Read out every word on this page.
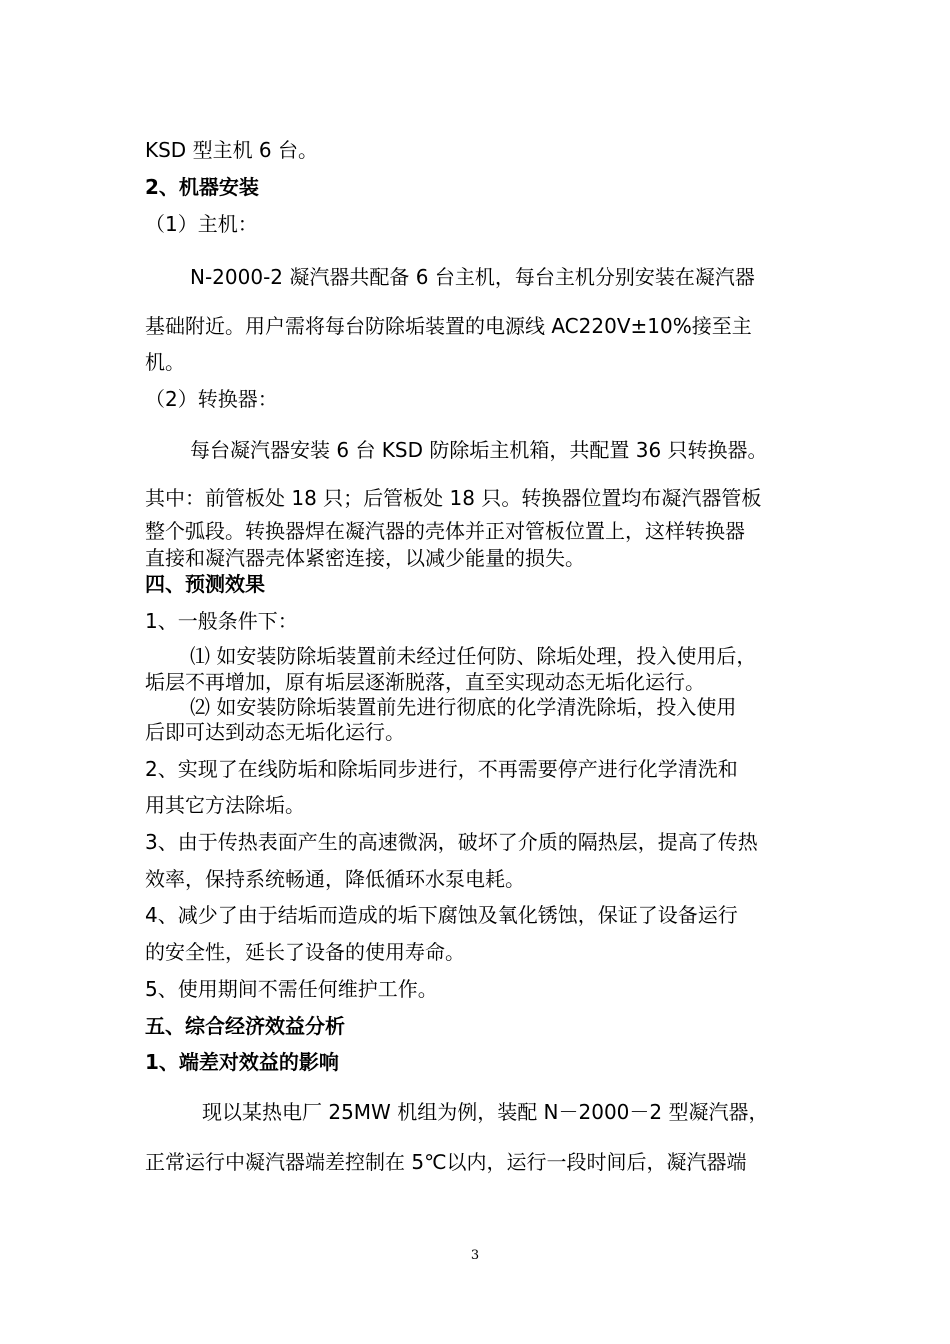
KSD 型主机 6 台。
2、机器安装
（1）主机：
N-2000-2 凝汽器共配备 6 台主机，每台主机分别安装在凝汽器
基础附近。用户需将每台防除垢装置的电源线 AC220V±10%接至主
机。
（2）转换器：
每台凝汽器安装 6 台 KSD 防除垢主机箱，共配置 36 只转换器。
其中：前管板处 18 只；后管板处 18 只。转换器位置均布凝汽器管板
整个弧段。转换器焊在凝汽器的壳体并正对管板位置上，这样转换器
直接和凝汽器壳体紧密连接，以减少能量的损失。
四、预测效果
1、一般条件下：
⑴ 如安装防除垢装置前未经过任何防、除垢处理，投入使用后，
垢层不再增加，原有垢层逐渐脱落，直至实现动态无垢化运行。
⑵ 如安装防除垢装置前先进行彻底的化学清洗除垢，投入使用
后即可达到动态无垢化运行。
2、实现了在线防垢和除垢同步进行，不再需要停产进行化学清洗和
用其它方法除垢。
3、由于传热表面产生的高速微涡，破坏了介质的隔热层，提高了传热
效率，保持系统畅通，降低循环水泵电耗。
4、减少了由于结垢而造成的垢下腐蚀及氧化锈蚀，保证了设备运行
的安全性，延长了设备的使用寿命。
5、使用期间不需任何维护工作。
五、综合经济效益分析
1、端差对效益的影响
现以某热电厂 25MW 机组为例，装配 N－2000－2 型凝汽器，
正常运行中凝汽器端差控制在 5℃以内，运行一段时间后，凝汽器端
3
